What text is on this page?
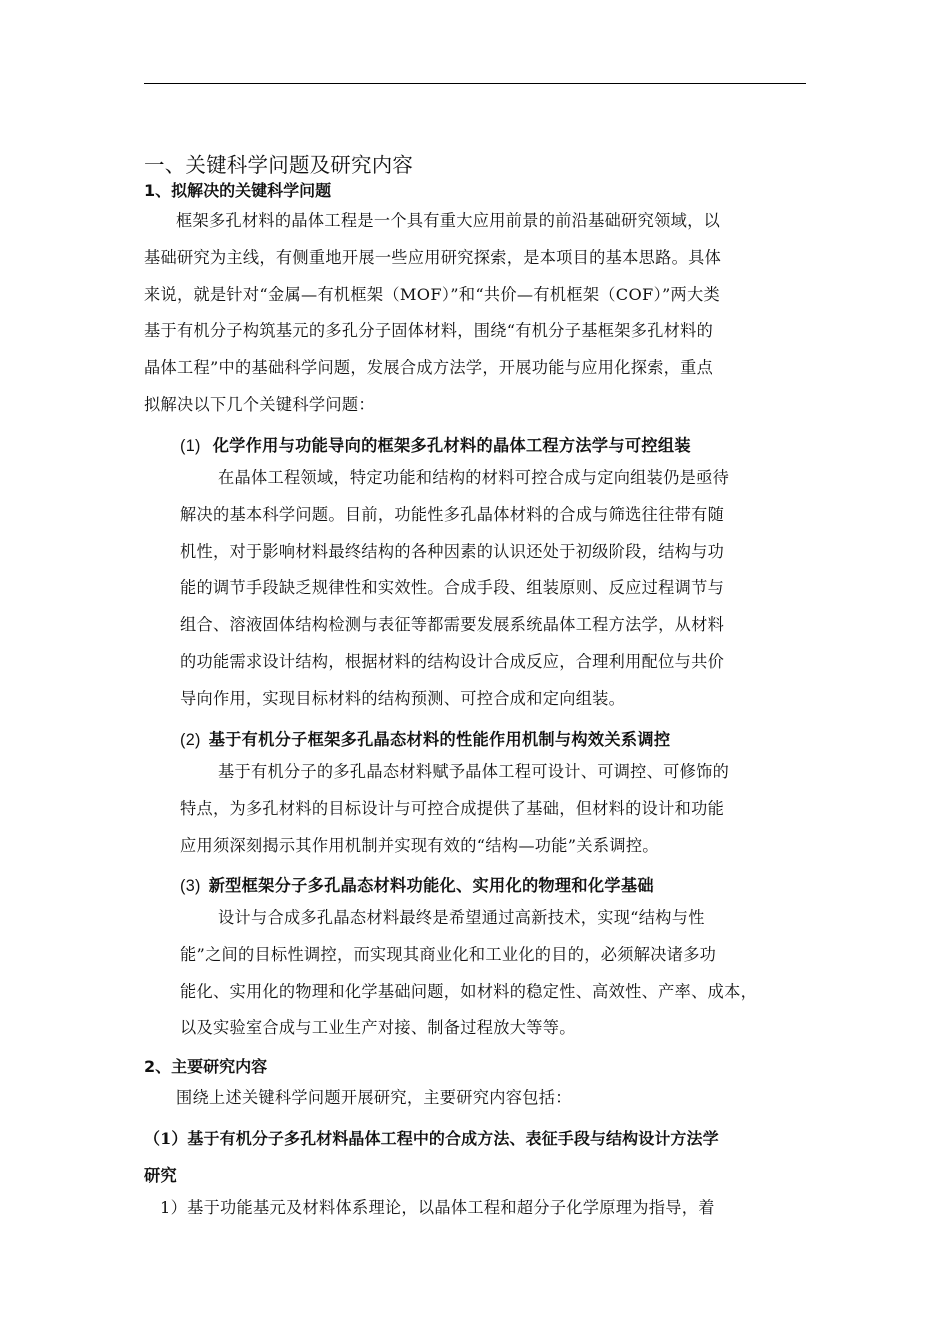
一、关键科学问题及研究内容
1、拟解决的关键科学问题

框架多孔材料的晶体工程是一个具有重大应用前景的前沿基础研究领域，以

基础研究为主线，有侧重地开展一些应用研究探索，是本项目的基本思路。具体

来说，就是针对“金属—有机框架（MOF）”和“共价—有机框架（COF）”两大类

基于有机分子构筑基元的多孔分子固体材料，围绕“有机分子基框架多孔材料的

晶体工程”中的基础科学问题，发展合成方法学，开展功能与应用化探索，重点

拟解决以下几个关键科学问题：

(1) 化学作用与功能导向的框架多孔材料的晶体工程方法学与可控组装

在晶体工程领域，特定功能和结构的材料可控合成与定向组装仍是亟待

解决的基本科学问题。目前，功能性多孔晶体材料的合成与筛选往往带有随

机性，对于影响材料最终结构的各种因素的认识还处于初级阶段，结构与功

能的调节手段缺乏规律性和实效性。合成手段、组装原则、反应过程调节与

组合、溶液固体结构检测与表征等都需要发展系统晶体工程方法学，从材料

的功能需求设计结构，根据材料的结构设计合成反应，合理利用配位与共价

导向作用，实现目标材料的结构预测、可控合成和定向组装。

(2) 基于有机分子框架多孔晶态材料的性能作用机制与构效关系调控

基于有机分子的多孔晶态材料赋予晶体工程可设计、可调控、可修饰的

特点，为多孔材料的目标设计与可控合成提供了基础，但材料的设计和功能

应用须深刻揭示其作用机制并实现有效的“结构—功能”关系调控。

(3) 新型框架分子多孔晶态材料功能化、实用化的物理和化学基础

设计与合成多孔晶态材料最终是希望通过高新技术，实现“结构与性

能”之间的目标性调控，而实现其商业化和工业化的目的，必须解决诸多功

能化、实用化的物理和化学基础问题，如材料的稳定性、高效性、产率、成本，

以及实验室合成与工业生产对接、制备过程放大等等。

2、主要研究内容

围绕上述关键科学问题开展研究，主要研究内容包括：

（1）基于有机分子多孔材料晶体工程中的合成方法、表征手段与结构设计方法学
研究

1）基于功能基元及材料体系理论，以晶体工程和超分子化学原理为指导，着
